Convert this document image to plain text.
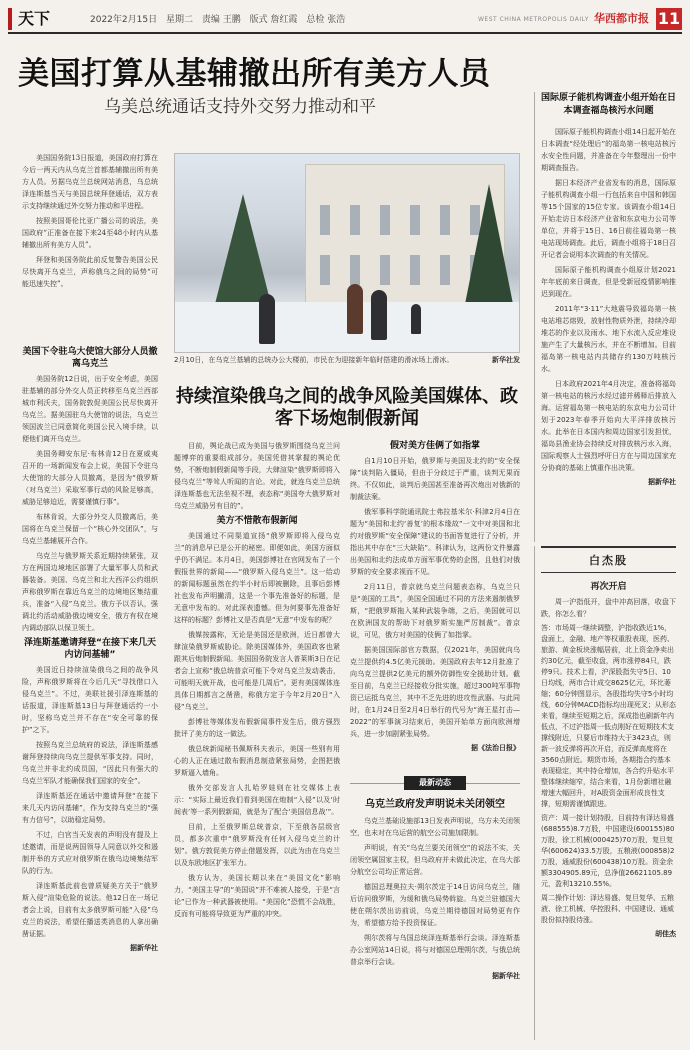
天下	2022年2月15日 星期二 责编 王鹏 版式 詹红霞 总检 张浩	WEST CHINA METROPOLIS DAILY 华西都市报 11
美国打算从基辅撤出所有美方人员
乌美总统通话支持外交努力推动和平

美国国务院13日报道，美国政府打算在今后一两天内从乌克兰首都基辅撤出所有美方人员。另据乌克兰总统网站消息，乌总统泽连斯基当天与美国总统拜登通话，双方表示支持继续通过外交努力推动和平进程。

按照美国哥伦比亚广播公司的说法，美国政府“正准备在接下来24至48小时内从基辅撤出所有美方人员”。

拜登和美国务院此前反复警告美国公民尽快离开乌克兰，声称俄乌之间的局势“可能迅速失控”。

美国下令驻乌大使馆大部分人员撤离乌克兰

美国务院12日说，出于安全考虑，美国驻基辅的部分外交人员正转移至乌克兰西部城市利沃夫，国务院敦促美国公民尽快离开乌克兰。据美国驻乌大使馆的说法，乌克兰领国波兰已同意简化美国公民入境手续，以便他们离开乌克兰。

美国务卿安东尼·布林肯12日在夏威夷召开的一场新闻发布会上说，美国下令驻乌大使馆的大部分人员撤离，是因为“俄罗斯（对乌克兰）采取军事行动的风险足够高，威胁足够迫近，需要谨慎行事”。

布林肯说，大部分外交人员撤离后，美国将在乌克兰保留一个“核心外交团队”，与乌克兰基辅展开合作。

乌克兰与俄罗斯关系近期持续紧张，双方在两国边境地区部署了大量军事人员和武器装备。美国、乌克兰和北大西洋公约组织声称俄罗斯在靠近乌克兰的边境地区集结重兵，准备“入侵”乌克兰。俄方予以否认，强调北约活动威胁俄边境安全，俄方有权在境内调动部队以保卫领土。

泽连斯基邀请拜登“在接下来几天内访问基辅”

美国近日持续渲染俄乌之间的战争风险，声称俄罗斯将在今后几天“寻找借口入侵乌克兰”。不过，美联社援引泽连斯基的话报道，泽连斯基13日与拜登通话约一小时，坚称乌克兰并不存在“安全可靠的保护”之下。

按照乌克兰总统府的说法，泽连斯基感谢拜登持续向乌克兰提供军事支持。同时，乌克兰并非北约成员国，“因此只有强大的乌克兰军队才能确保我们国家的安全”。

泽连斯基还在通话中邀请拜登“在接下来几天内访问基辅”，作为支持乌克兰的“强有力信号”，以助稳定局势。

不过，白宫当天发表的声明没有提及上述邀请，而是说两国领导人同意以外交和遏制并举的方式应对俄罗斯在俄乌边境集结军队的行为。

泽连斯基此前也曾质疑美方关于“俄罗斯入侵”渲染危险的说法。他12日在一场记者会上说，目前有太多俄罗斯可能“入侵”乌克兰的说法，希望任播送类消息的人拿出确凿证据。

据新华社
2月10日，在乌克兰基辅的总统办公大楼前，市民在为迎接新年临时搭建的滑冰场上滑冰。	新华社发
持续渲染俄乌之间的战争风险美国媒体、政客下场炮制假新闻

目前，舆论战已成为美国与俄罗斯围绕乌克兰问题博弈的重要组成部分。美国凭借其掌握的舆论优势，不断炮制假新闻等手段，大肆渲染“俄罗斯即将入侵乌克兰”等耸人听闻的言论。对此，就连乌克兰总统泽连斯基也无法坐视不理，表态称“美国夸大俄罗斯对乌克兰威胁另有目的”。

美方不惜散布假新闻

美国通过不同渠道宣扬“俄罗斯即将入侵乌克兰”的消息早已是公开的秘密。即便如此，美国方面似乎仍不满足。本月4日，美国彭博社在官网发布了一个假报世界的新闻——“俄罗斯入侵乌克兰”。这一给动的新闻标题虽然在约半小时后即被删除，且事后彭博社也发布声明撇清，这是一个事先准备好的标题，是无意中发布的。对此深表遗憾。但为何要事先准备好这样的标题？彭博社又是否真是“无意”中发布的呢？

俄媒按露称，无论是美国还是欧洲，近日都曾大肆渲染俄罗斯威胁论。除美国媒体外，美国政客也紧跟其后炮制假新闻。美国国务院发言人普莱斯3日在记者会上宣称“俄总统普京可能下令对乌克兰发动袭击，可能明天就开战，也可能是几周后”。更有美国媒体连具体日期都言之凿凿，称俄方定于今年2月20日“入侵”乌克兰。

彭博社等媒体发布假新闻事件发生后，俄方强烈批评了美方的这一做法。

俄总统新闻秘书佩斯科夫表示，美国一些别有用心的人正在通过散布假消息制造紧张局势，企图把俄罗斯逼入墙角。

俄外交部发言人扎哈罗娃则在社交媒体上表示：“实际上最近我们看到美国在炮制“入侵”以及‘时间表’等一系列假新闻，就是为了配合‘美国信息战’”。

目前，上至俄罗斯总统普京，下至俄各层级官员，都多次重申“俄罗斯没有任何入侵乌克兰的计划”。俄方敦促美方停止借题发挥，以此为由在乌克兰以及东欧地区扩张军力。

俄方认为，美国长期以来在“美国文化”影响力，“美国主导”的“美国说”并不难被人接受，于是“言论”已作为一种武器被使用。“美国化”恐慌不会战胜，反而有可能将导致更为严重的冲突。

假对美方佳俩了如指掌

自1月10日开始，俄罗斯与美国及北约的“安全保障”谈判陷入僵局，但由于分歧过于严重，谈判无果而终。不仅如此，谈判后美国甚至准备再次炮出对俄新的制裁法案。

俄军事科学院通讯院士弗拉基米尔·科津2月4日在题为“美国和北约‘善复’的根本缘故”一文中对美国和北约对俄罗斯“安全保障”建议的书面答复进行了分析，并指出其中存在“三大缺陷”。科津认为，这两份文件暴露出美国和北约法成单方面军事优势的企图，且他们对俄罗斯的安全要求视而不见。

2月11日，普京就乌克兰问题表态称，乌克兰只是“美国的工具”，美国全国通过不同的方法来遏制俄罗斯，“把俄罗斯拖入某种武装争端，之后，美国就可以在欧洲国友的帮助下对俄罗斯实施严厉制裁”。普京说，可见，俄方对美国的伎俩了如指掌。

据美国国际部官方数据，仅2021年，美国就向乌克兰提供约4.5亿美元援助。美国政府去年12月批准了向乌克兰提供2亿美元的额外防御性安全援助计划。截至目前，乌克兰已经接收分批实施，超过300吨军事物资已运抵乌克兰，其中不乏先进的进攻性武器。与此同时，在1月24日至2月4日举行的代号为“海王星打击—2022”的军事演习结束后，美国开始单方面向欧洲增兵，进一步加剧紧张局势。

据《法治日报》
最新动态
乌克兰政府发声明说未关闭领空

乌克兰基础设施部13日发表声明说，乌方未关闭领空，也未对在乌运营的航空公司施加限制。

声明说，有关“乌克兰要关闭领空”的说法不实，关闭领空属国家主权，但乌政府并未做此决定，在乌大部分航空公司均正常运营。

德国总理奥拉夫·朔尔茨定于14日访问乌克兰，随后访问俄罗斯，为缓和俄乌局势斡旋。乌克兰驻德国大使在朔尔茨出访前说，乌克兰期待德国对局势更有作为，希望德方给予投资保证。

朔尔茨将与乌国总统泽连斯基举行会谈。泽连斯基办公室网站14日说，将与对德国总理朔尔茨，与俄总统普京举行会谈。

据新华社
国际原子能机构调查小组开始在日本调查福岛核污水问题

国际原子能机构调查小组14日起开始在日本调查“经处理后”的福岛第一核电站核污水安全性问题，并准备在今年整理出一份中期调查报告。

据日本经济产业省发布的消息，国际原子能机构调查小组一行包括来自中国和韩国等15个国家的15位专家。该调查小组14日开始走访日本经济产业省和东京电力公司等单位，并将于15日、16日前往福岛第一核电站现场调查。此后，调查小组将于18日召开记者会说明本次调查的有关情况。

国际原子能机构调查小组原计划2021年年底前来日调查，但是受新冠疫情影响推迟到现在。

2011年“3·11”大地震导致福岛第一核电站堆芯熔毁，放射性物质外泄，持续冷却堆芯的作业以及雨水、地下水流入反应堆设施产生了大量核污水，并在不断增加。目前福岛第一核电站内共储存约130万吨核污水。

日本政府2021年4月决定，准备将福岛第一核电站的核污水经过滤并稀释后排放入海。运营福岛第一核电站的东京电力公司计划于2023年春季开始向大平洋排放核污水。此举在日本国内和周边国家引发担忧，福岛县渔业协会持续反对排放核污水入海，国际观察人士强烈呼吁日方在与周边国家充分协商的基础上慎重作出决策。

据新华社
白杰股
再次开启

周一沪指低开，盘中冲高回落，收盘下跌，你怎么看？

答：市场周一继续调整，沪指收跌近1%，盘面上，金融、地产等权重股表现，医药、旅游、黄金板块涨幅居前，北上资金净卖出约30亿元，截至收盘，两市涨停84只，跌停9只。技术上看，沪深股指失守5日、10日均线，两市合计成交8625亿元，环比萎缩；60分钟图显示，各股指均失守5小时均线，60分钟MACD指标均出现死叉；从形态来看，继续至短期之后，深成指也刷新年内低点，不过沪指周一低点刚好在短期技术支撑线附近，只要后市维持大于3423点，则新一波反弹将再次开启，而反弹高度将在3560点附近。期货市场，各期指合约基本表现稳定，其中持仓增加，各合约升贴水平整体继续缩窄，结合来看，1月份新增社融增速大幅回升，对A股资金面形成良性支撑，短期需谨慎跟进。

资产：周一接计划持股，目前持有泽达易盛(688555)8.7万股，中国建设(600155)80万股，徐工机械(000425)70万股，复旦复华(600624)33.5万股，五粮液(000858)2万股，通威股份(600438)10万股。资金余额3304905.89元，总净值26621105.89元，盈利13210.55%。

周二操作计划：泽达易盛、复旦复华、五粮液、徐工机械、华控股科、中国建设、通威股份拟持股待涨。

胡佳杰
